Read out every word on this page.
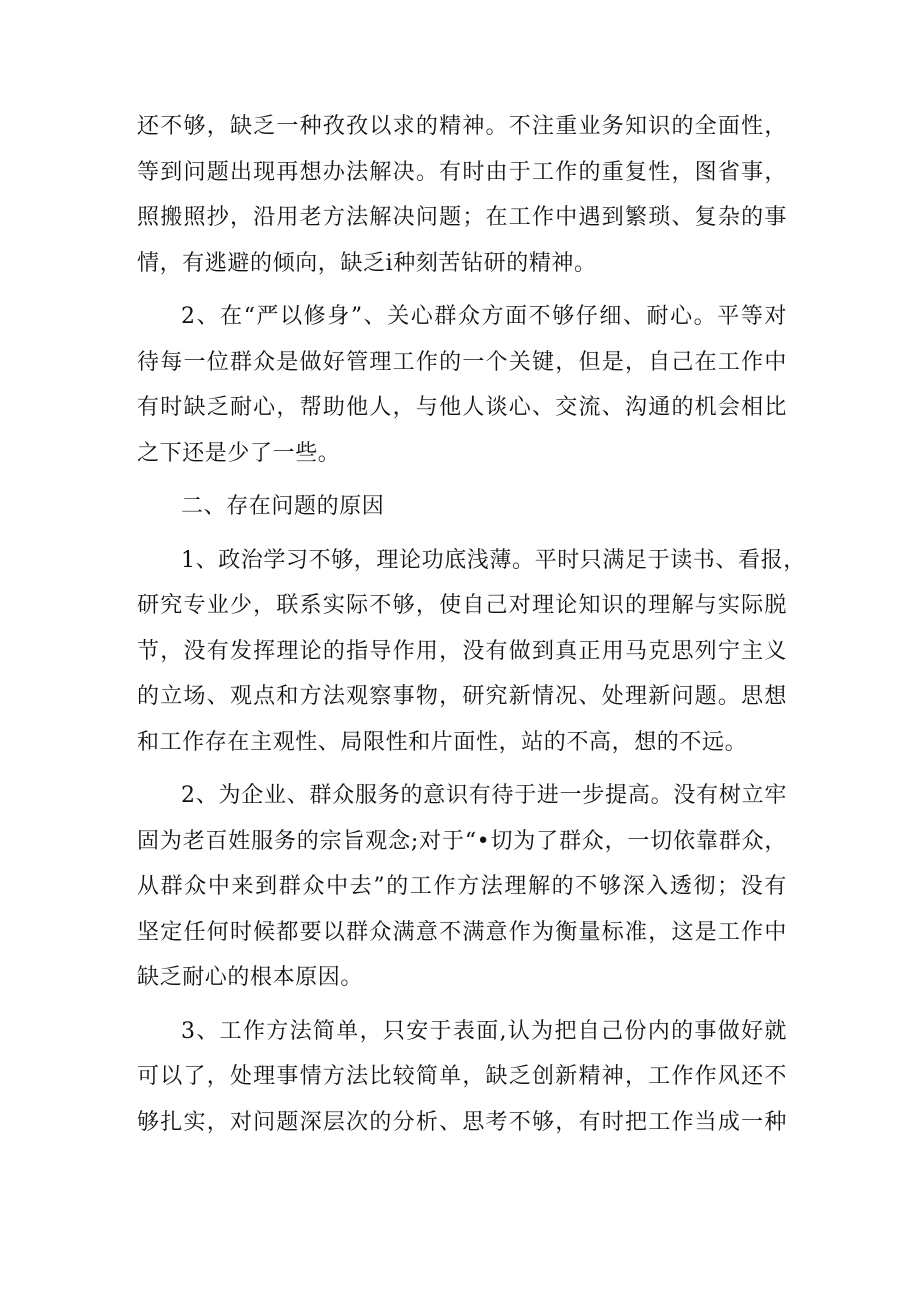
还不够，缺乏一种孜孜以求的精神。不注重业务知识的全面性，
等到问题出现再想办法解决。有时由于工作的重复性，图省事，
照搬照抄，沿用老方法解决问题；在工作中遇到繁琐、复杂的事
情，有逃避的倾向，缺乏i种刻苦钻研的精神。
2、在“严以修身”、关心群众方面不够仔细、耐心。平等对
待每一位群众是做好管理工作的一个关键，但是，自己在工作中
有时缺乏耐心，帮助他人，与他人谈心、交流、沟通的机会相比
之下还是少了一些。
二、存在问题的原因
1、政治学习不够，理论功底浅薄。平时只满足于读书、看报，
研究专业少，联系实际不够，使自己对理论知识的理解与实际脱
节，没有发挥理论的指导作用，没有做到真正用马克思列宁主义
的立场、观点和方法观察事物，研究新情况、处理新问题。思想
和工作存在主观性、局限性和片面性，站的不高，想的不远。
2、为企业、群众服务的意识有待于进一步提高。没有树立牢
固为老百姓服务的宗旨观念;对于“•切为了群众，一切依靠群众，
从群众中来到群众中去”的工作方法理解的不够深入透彻；没有
坚定任何时候都要以群众满意不满意作为衡量标准，这是工作中
缺乏耐心的根本原因。
3、工作方法简单，只安于表面,认为把自己份内的事做好就
可以了，处理事情方法比较简单，缺乏创新精神，工作作风还不
够扎实，对问题深层次的分析、思考不够，有时把工作当成一种
